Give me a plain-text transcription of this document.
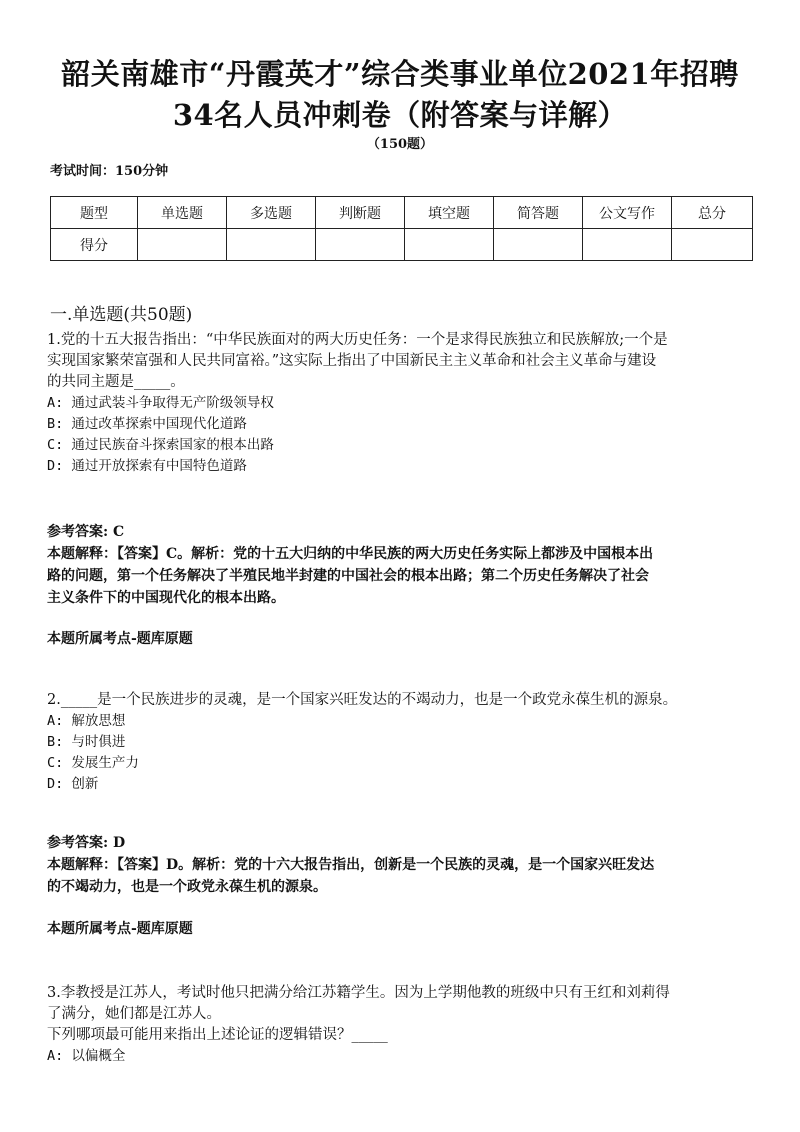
韶关南雄市“丹霞英才”综合类事业单位2021年招聘
34名人员冲刺卷（附答案与详解）
（150题）
考试时间：150分钟
题型	单选题	多选题	判断题	填空题	简答题	公文写作	总分
得分							
一.单选题(共50题)
1.党的十五大报告指出：“中华民族面对的两大历史任务：一个是求得民族独立和民族解放;一个是
实现国家繁荣富强和人民共同富裕。”这实际上指出了中国新民主主义革命和社会主义革命与建设
的共同主题是_____。
A: 通过武装斗争取得无产阶级领导权
B: 通过改革探索中国现代化道路
C: 通过民族奋斗探索国家的根本出路
D: 通过开放探索有中国特色道路
参考答案: C
本题解释：【答案】C。解析：党的十五大归纳的中华民族的两大历史任务实际上都涉及中国根本出
路的问题，第一个任务解决了半殖民地半封建的中国社会的根本出路；第二个历史任务解决了社会
主义条件下的中国现代化的根本出路。
本题所属考点-题库原题
2._____是一个民族进步的灵魂，是一个国家兴旺发达的不竭动力，也是一个政党永葆生机的源泉。
A: 解放思想
B: 与时俱进
C: 发展生产力
D: 创新
参考答案: D
本题解释：【答案】D。解析：党的十六大报告指出，创新是一个民族的灵魂，是一个国家兴旺发达
的不竭动力，也是一个政党永葆生机的源泉。
本题所属考点-题库原题
3.李教授是江苏人，考试时他只把满分给江苏籍学生。因为上学期他教的班级中只有王红和刘莉得
了满分，她们都是江苏人。
下列哪项最可能用来指出上述论证的逻辑错误？_____
A: 以偏概全
